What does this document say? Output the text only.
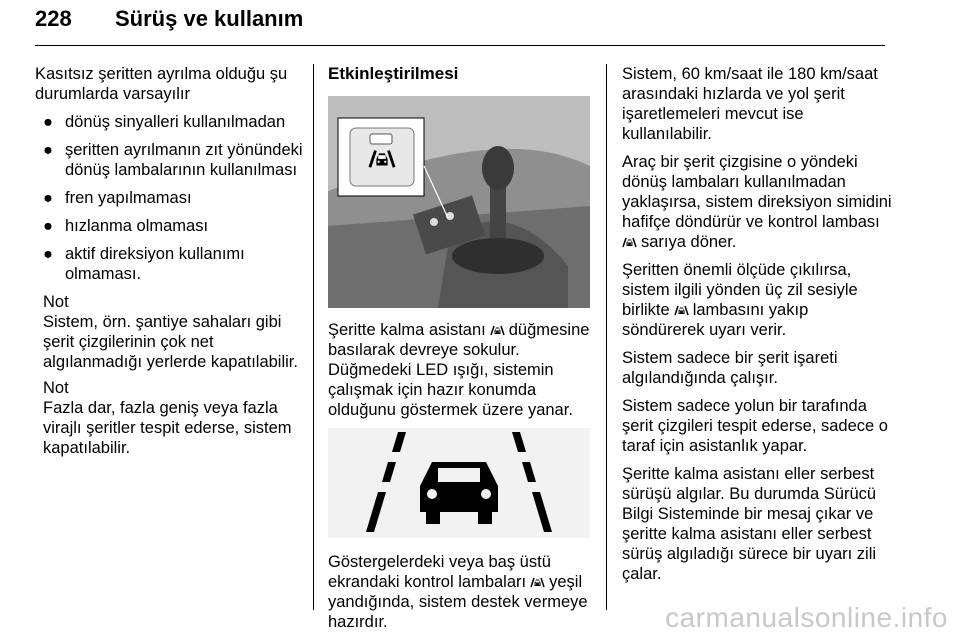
228 Sürüş ve kullanım

Kasıtsız şeritten ayrılma olduğu şu durumlarda varsayılır

● dönüş sinyalleri kullanılmadan
● şeritten ayrılmanın zıt yönündeki dönüş lambalarının kullanılması
● fren yapılmaması
● hızlanma olmaması
● aktif direksiyon kullanımı olmaması.
Not

Sistem, örn. şantiye sahaları gibi şerit çizgilerinin çok net algılanmadığı yerlerde kapatılabilir.

Not

Fazla dar, fazla geniş veya fazla virajlı şeritler tespit ederse, sistem kapatılabilir.

Etkinleştirilmesi

Şeritte kalma asistanı düğmesine basılarak devreye sokulur.
Düğmedeki LED ışığı, sistemin çalışmak için hazır konumda olduğunu göstermek üzere yanar.

Göstergelerdeki veya baş üstü ekrandaki kontrol lambaları yeşil yandığında, sistem destek vermeye hazırdır.

Sistem, 60 km/saat ile 180 km/saat arasındaki hızlarda ve yol şerit işaretlemeleri mevcut ise kullanılabilir.

Araç bir şerit çizgisine o yöndeki dönüş lambaları kullanılmadan yaklaşırsa, sistem direksiyon simidini hafifçe döndürür ve kontrol lambası
sarıya döner.

Şeritten önemli ölçüde çıkılırsa, sistem ilgili yönden üç zil sesiyle birlikte lambasını yakıp söndürerek uyarı verir.

Sistem sadece bir şerit işareti algılandığında çalışır.

Sistem sadece yolun bir tarafında şerit çizgileri tespit ederse, sadece o taraf için asistanlık yapar.

Şeritte kalma asistanı eller serbest sürüşü algılar. Bu durumda Sürücü Bilgi Sisteminde bir mesaj çıkar ve şeritte kalma asistanı eller serbest sürüş algıladığı sürece bir uyarı zili çalar.

carmanualsonline.info
